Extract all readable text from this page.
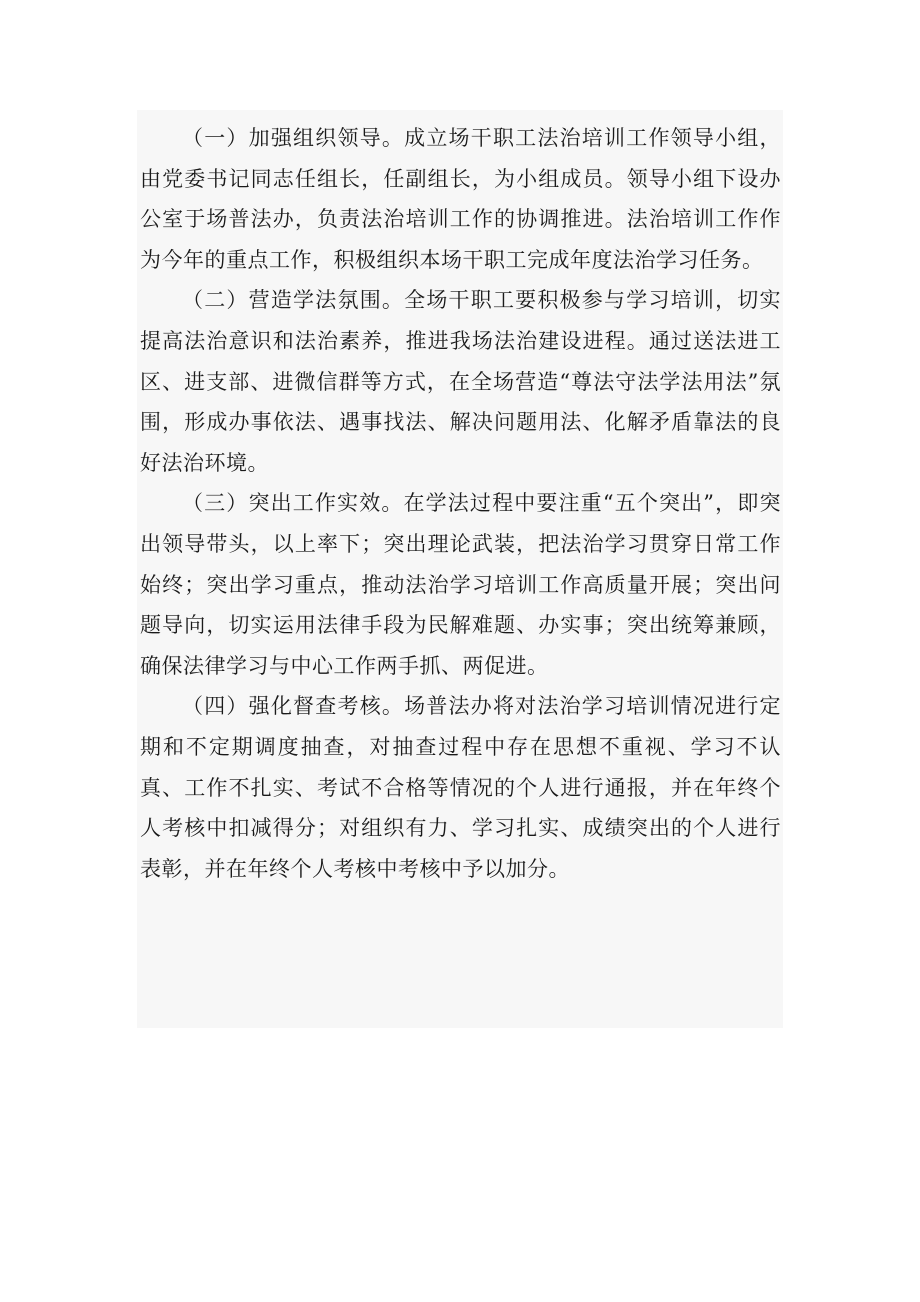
（一）加强组织领导。成立场干职工法治培训工作领导小组，由党委书记同志任组长，任副组长，为小组成员。领导小组下设办公室于场普法办，负责法治培训工作的协调推进。法治培训工作作为今年的重点工作，积极组织本场干职工完成年度法治学习任务。

（二）营造学法氛围。全场干职工要积极参与学习培训，切实提高法治意识和法治素养，推进我场法治建设进程。通过送法进工区、进支部、进微信群等方式，在全场营造“尊法守法学法用法”氛围，形成办事依法、遇事找法、解决问题用法、化解矛盾靠法的良好法治环境。

（三）突出工作实效。在学法过程中要注重“五个突出”，即突出领导带头，以上率下；突出理论武装，把法治学习贯穿日常工作始终；突出学习重点，推动法治学习培训工作高质量开展；突出问题导向，切实运用法律手段为民解难题、办实事；突出统筹兼顾，确保法律学习与中心工作两手抓、两促进。

（四）强化督查考核。场普法办将对法治学习培训情况进行定期和不定期调度抽查，对抽查过程中存在思想不重视、学习不认真、工作不扎实、考试不合格等情况的个人进行通报，并在年终个人考核中扣减得分；对组织有力、学习扎实、成绩突出的个人进行表彰，并在年终个人考核中考核中予以加分。
